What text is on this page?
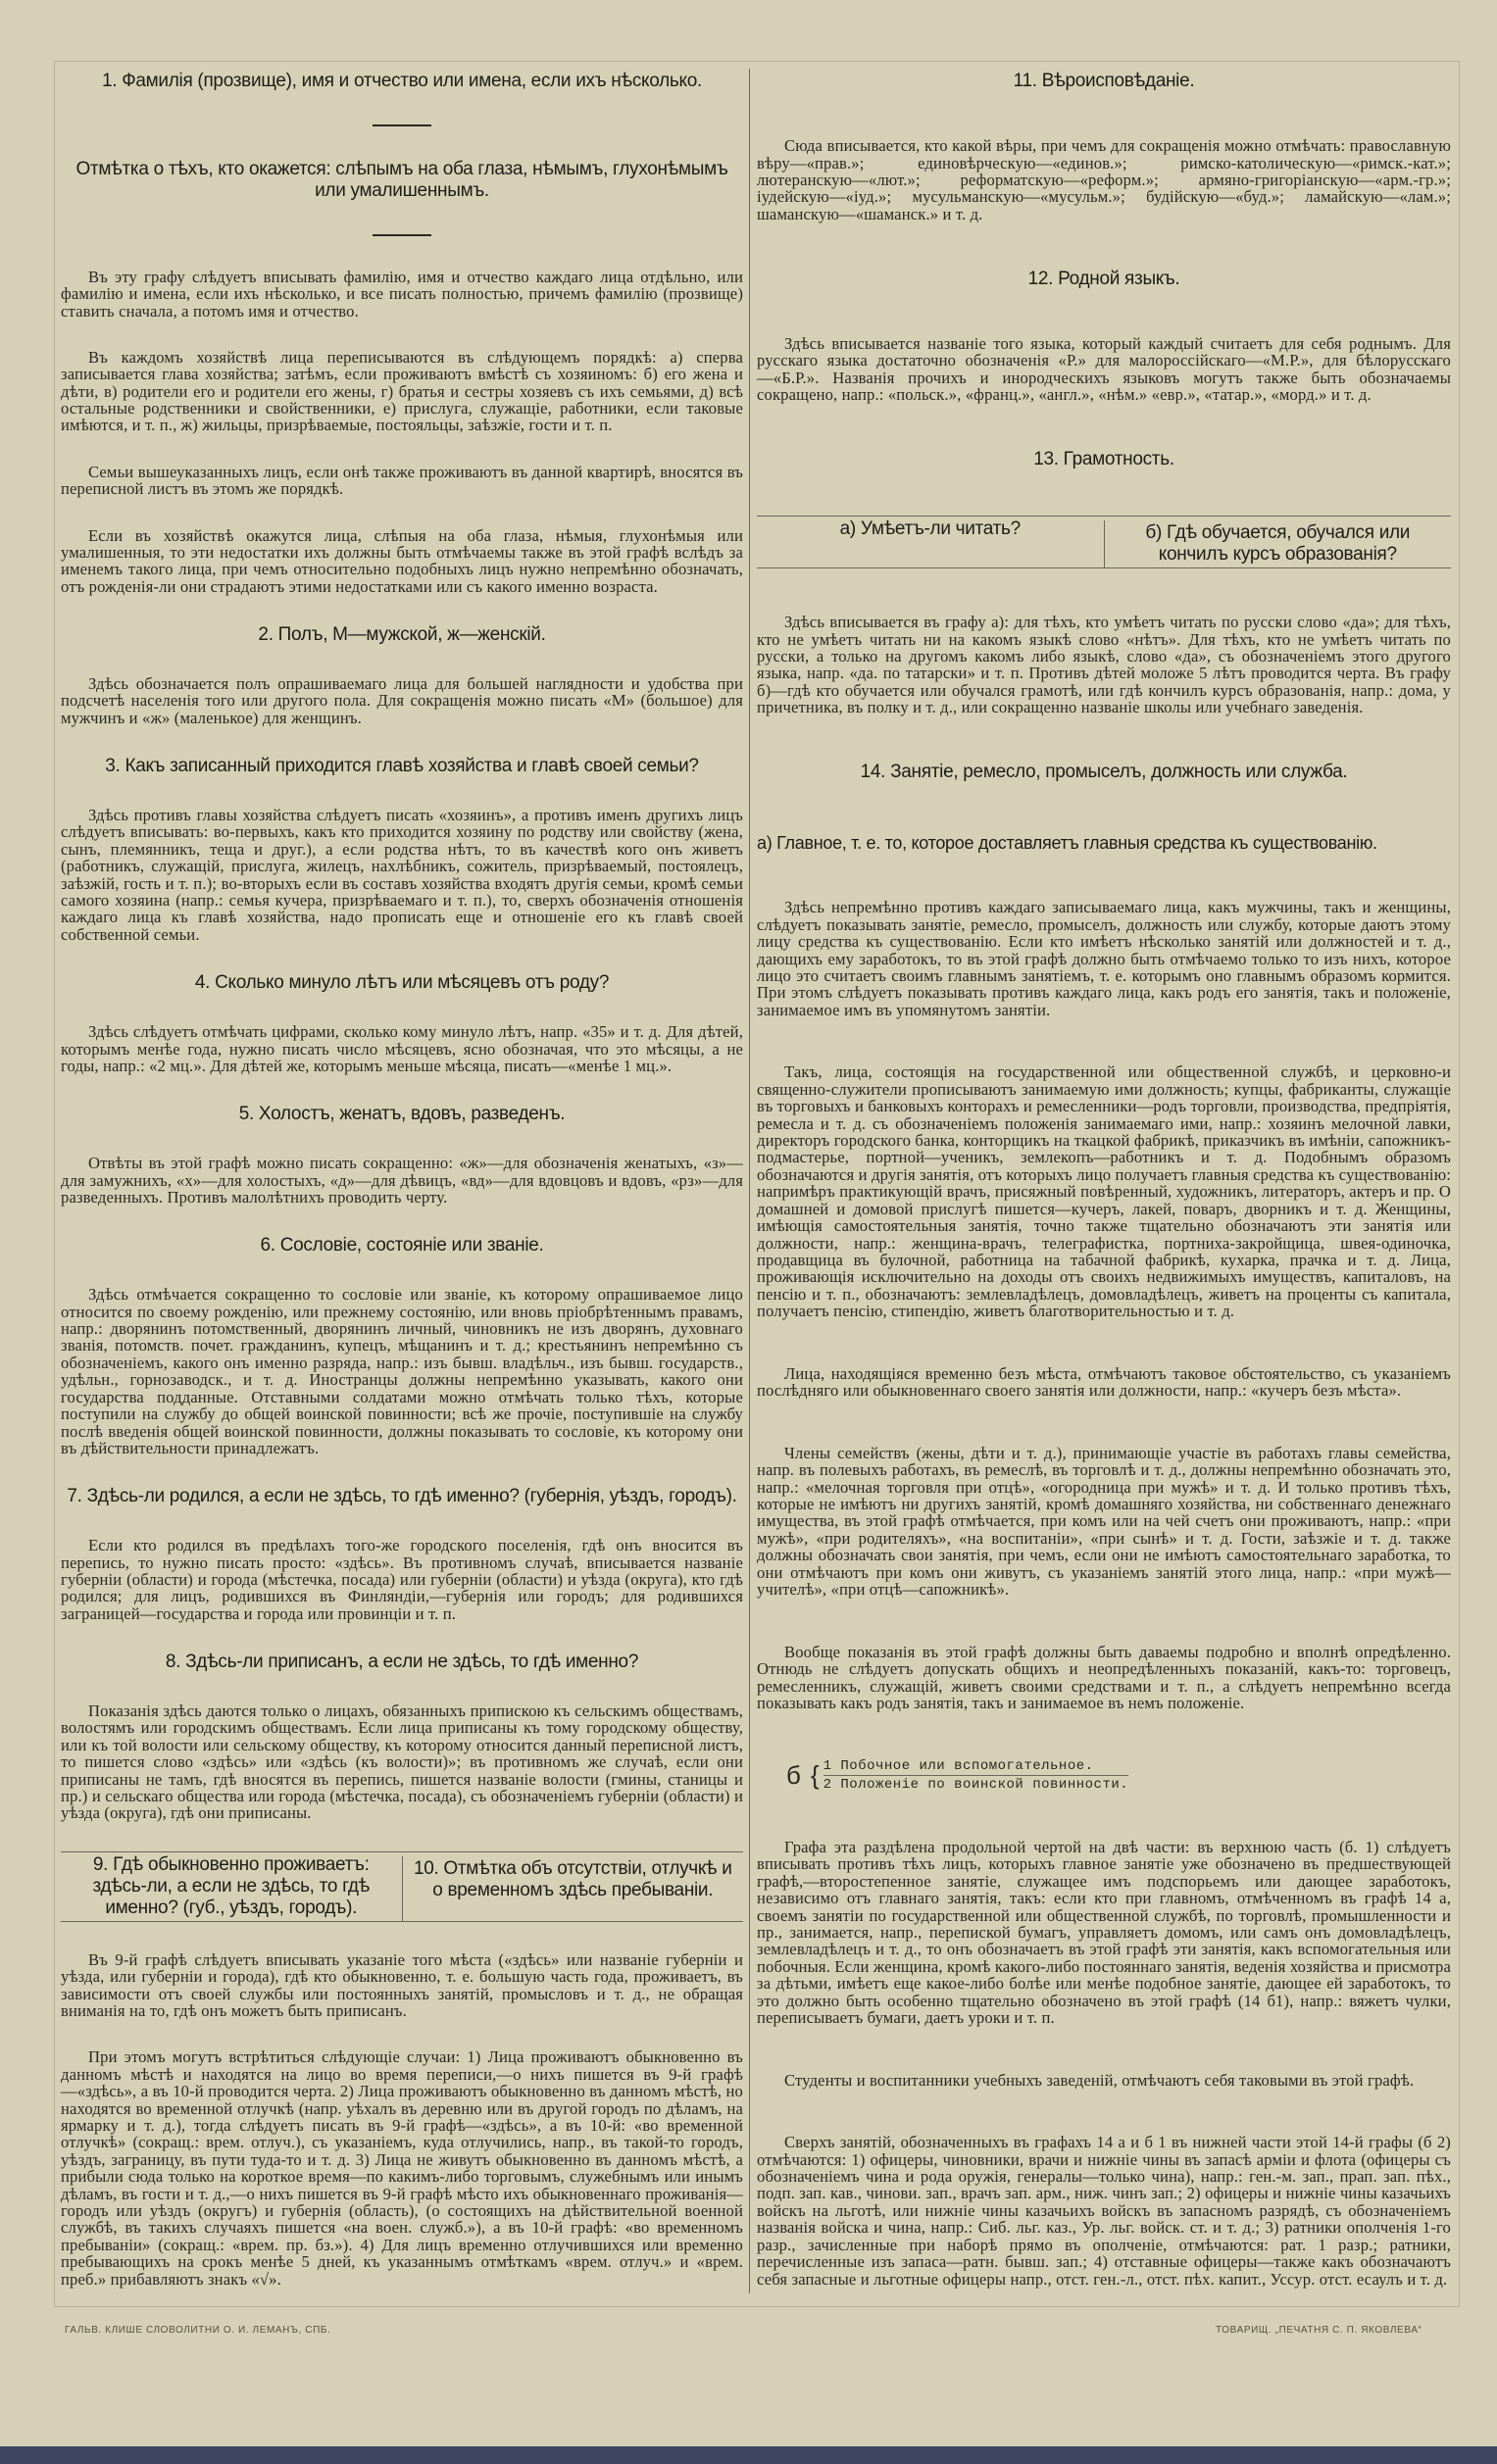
1. Фамилія (прозвище), имя и отчество или имена, если ихъ нѣсколько.
Отмѣтка о тѣхъ, кто окажется: слѣпымъ на оба глаза, нѣмымъ, глухонѣмымъ или умалишеннымъ.
Въ эту графу слѣдуетъ вписывать фамилію, имя и отчество каждаго лица отдѣльно, или фамилію и имена, если ихъ нѣсколько, и все писать полностью, причемъ фамилію (прозвище) ставить сначала, а потомъ имя и отчество.
Въ каждомъ хозяйствѣ лица переписываются въ слѣдующемъ порядкѣ: а) сперва записывается глава хозяйства; затѣмъ, если проживаютъ вмѣстѣ съ хозяиномъ: б) его жена и дѣти, в) родители его и родители его жены, г) братья и сестры хозяевъ съ ихъ семьями, д) всѣ остальные родственники и свойственники, е) прислуга, служащіе, работники, если таковые имѣются, и т. п., ж) жильцы, призрѣваемые, постояльцы, заѣзжіе, гости и т. п.
Семьи вышеуказанныхъ лицъ, если онѣ также проживаютъ въ данной квартирѣ, вносятся въ переписной листъ въ этомъ же порядкѣ.
Если въ хозяйствѣ окажутся лица, слѣпыя на оба глаза, нѣмыя, глухонѣмыя или умалишенныя, то эти недостатки ихъ должны быть отмѣчаемы также въ этой графѣ вслѣдъ за именемъ такого лица, при чемъ относительно подобныхъ лицъ нужно непремѣнно обозначать, отъ рожденія-ли они страдаютъ этими недостатками или съ какого именно возраста.
2. Полъ, М—мужской, ж—женскій.
Здѣсь обозначается полъ опрашиваемаго лица для большей наглядности и удобства при подсчетѣ населенія того или другого пола. Для сокращенія можно писать «М» (большое) для мужчинъ и «ж» (маленькое) для женщинъ.
3. Какъ записанный приходится главѣ хозяйства и главѣ своей семьи?
Здѣсь противъ главы хозяйства слѣдуетъ писать «хозяинъ», а противъ именъ другихъ лицъ слѣдуетъ вписывать: во-первыхъ, какъ кто приходится хозяину по родству или свойству (жена, сынъ, племянникъ, теща и друг.), а если родства нѣтъ, то въ качествѣ кого онъ живетъ (работникъ, служащій, прислуга, жилецъ, нахлѣбникъ, сожитель, призрѣваемый, постоялецъ, заѣзжій, гость и т. п.); во-вторыхъ если въ составъ хозяйства входятъ другія семьи, кромѣ семьи самого хозяина (напр.: семья кучера, призрѣваемаго и т. п.), то, сверхъ обозначенія отношенія каждаго лица къ главѣ хозяйства, надо прописать еще и отношеніе его къ главѣ своей собственной семьи.
4. Сколько минуло лѣтъ или мѣсяцевъ отъ роду?
Здѣсь слѣдуетъ отмѣчать цифрами, сколько кому минуло лѣтъ, напр. «35» и т. д. Для дѣтей, которымъ менѣе года, нужно писать число мѣсяцевъ, ясно обозначая, что это мѣсяцы, а не годы, напр.: «2 мц.». Для дѣтей же, которымъ меньше мѣсяца, писать—«менѣе 1 мц.».
5. Холостъ, женатъ, вдовъ, разведенъ.
Отвѣты въ этой графѣ можно писать сокращенно: «ж»—для обозначенія женатыхъ, «з»—для замужнихъ, «х»—для холостыхъ, «д»—для дѣвицъ, «вд»—для вдовцовъ и вдовъ, «рз»—для разведенныхъ. Противъ малолѣтнихъ проводить черту.
6. Сословіе, состояніе или званіе.
Здѣсь отмѣчается сокращенно то сословіе или званіе, къ которому опрашиваемое лицо относится по своему рожденію, или прежнему состоянію, или вновь пріобрѣтеннымъ правамъ, напр.: дворянинъ потомственный, дворянинъ личный, чиновникъ не изъ дворянъ, духовнаго званія, потомств. почет. гражданинъ, купецъ, мѣщанинъ и т. д.; крестьянинъ непремѣнно съ обозначеніемъ, какого онъ именно разряда, напр.: изъ бывш. владѣльч., изъ бывш. государств., удѣльн., горнозаводск., и т. д. Иностранцы должны непремѣнно указывать, какого они государства подданные. Отставными солдатами можно отмѣчать только тѣхъ, которые поступили на службу до общей воинской повинности; всѣ же прочіе, поступившіе на службу послѣ введенія общей воинской повинности, должны показывать то сословіе, къ которому они въ дѣйствительности принадлежатъ.
7. Здѣсь-ли родился, а если не здѣсь, то гдѣ именно? (губернія, уѣздъ, городъ).
Если кто родился въ предѣлахъ того-же городского поселенія, гдѣ онъ вносится въ перепись, то нужно писать просто: «здѣсь». Въ противномъ случаѣ, вписывается названіе губерніи (области) и города (мѣстечка, посада) или губерніи (области) и уѣзда (округа), кто гдѣ родился; для лицъ, родившихся въ Финляндіи,—губернія или городъ; для родившихся заграницей—государства и города или провинціи и т. п.
8. Здѣсь-ли приписанъ, а если не здѣсь, то гдѣ именно?
Показанія здѣсь даются только о лицахъ, обязанныхъ припискою къ сельскимъ обществамъ, волостямъ или городскимъ обществамъ. Если лица приписаны къ тому городскому обществу, или къ той волости или сельскому обществу, къ которому относится данный переписной листъ, то пишется слово «здѣсь» или «здѣсь (къ волости)»; въ противномъ же случаѣ, если они приписаны не тамъ, гдѣ вносятся въ перепись, пишется названіе волости (гмины, станицы и пр.) и сельскаго общества или города (мѣстечка, посада), съ обозначеніемъ губерніи (области) и уѣзда (округа), гдѣ они приписаны.
9. Гдѣ обыкновенно проживаетъ: здѣсь-ли, а если не здѣсь, то гдѣ именно? (губ., уѣздъ, городъ).
10. Отмѣтка объ отсутствіи, отлучкѣ и о временномъ здѣсь пребываніи.
Въ 9-й графѣ слѣдуетъ вписывать указаніе того мѣста («здѣсь» или названіе губерніи и уѣзда, или губерніи и города), гдѣ кто обыкновенно, т. е. большую часть года, проживаетъ, въ зависимости отъ своей службы или постоянныхъ занятій, промысловъ и т. д., не обращая вниманія на то, гдѣ онъ можетъ быть приписанъ.
При этомъ могутъ встрѣтиться слѣдующіе случаи: 1) Лица проживаютъ обыкновенно въ данномъ мѣстѣ и находятся на лицо во время переписи,—о нихъ пишется въ 9-й графѣ—«здѣсь», а въ 10-й проводится черта. 2) Лица проживаютъ обыкновенно въ данномъ мѣстѣ, но находятся во временной отлучкѣ (напр. уѣхалъ въ деревню или въ другой городъ по дѣламъ, на ярмарку и т. д.), тогда слѣдуетъ писать въ 9-й графѣ—«здѣсь», а въ 10-й: «во временной отлучкѣ» (сокращ.: врем. отлуч.), съ указаніемъ, куда отлучились, напр., въ такой-то городъ, уѣздъ, заграницу, въ пути туда-то и т. д. 3) Лица не живутъ обыкновенно въ данномъ мѣстѣ, а прибыли сюда только на короткое время—по какимъ-либо торговымъ, служебнымъ или инымъ дѣламъ, въ гости и т. д.,—о нихъ пишется въ 9-й графѣ мѣсто ихъ обыкновеннаго проживанія—городъ или уѣздъ (округъ) и губернія (область), (о состоящихъ на дѣйствительной военной службѣ, въ такихъ случаяхъ пишется «на воен. служб.»), а въ 10-й графѣ: «во временномъ пребываніи» (сокращ.: «врем. пр. бз.»). 4) Для лицъ временно отлучившихся или временно пребывающихъ на срокъ менѣе 5 дней, къ указаннымъ отмѣткамъ «врем. отлуч.» и «врем. преб.» прибавляютъ знакъ «√».
11. Вѣроисповѣданіе.
Сюда вписывается, кто какой вѣры, при чемъ для сокращенія можно отмѣчать: православную вѣру—«прав.»; единовѣрческую—«единов.»; римско-католическую—«римск.-кат.»; лютеранскую—«лют.»; реформатскую—«реформ.»; армяно-григоріанскую—«арм.-гр.»; іудейскую—«іуд.»; мусульманскую—«мусульм.»; будійскую—«буд.»; ламайскую—«лам.»; шаманскую—«шаманск.» и т. д.
12. Родной языкъ.
Здѣсь вписывается названіе того языка, который каждый считаетъ для себя роднымъ. Для русскаго языка достаточно обозначенія «Р.» для малороссійскаго—«М.Р.», для бѣлорусскаго—«Б.Р.». Названія прочихъ и инородческихъ языковъ могутъ также быть обозначаемы сокращено, напр.: «польск.», «франц.», «англ.», «нѣм.» «евр.», «татар.», «морд.» и т. д.
13. Грамотность.
а) Умѣетъ-ли читать?	б) Гдѣ обучается, обучался или кончилъ курсъ образованія?
Здѣсь вписывается въ графу а): для тѣхъ, кто умѣетъ читать по русски слово «да»; для тѣхъ, кто не умѣетъ читать ни на какомъ языкѣ слово «нѣтъ». Для тѣхъ, кто не умѣетъ читать по русски, а только на другомъ какомъ либо языкѣ, слово «да», съ обозначеніемъ этого другого языка, напр. «да. по татарски» и т. п. Противъ дѣтей моложе 5 лѣтъ проводится черта. Въ графу б)—гдѣ кто обучается или обучался грамотѣ, или гдѣ кончилъ курсъ образованія, напр.: дома, у причетника, въ полку и т. д., или сокращенно названіе школы или учебнаго заведенія.
14. Занятіе, ремесло, промыселъ, должность или служба.
а) Главное, т. е. то, которое доставляетъ главныя средства къ существованію.
Здѣсь непремѣнно противъ каждаго записываемаго лица, какъ мужчины, такъ и женщины, слѣдуетъ показывать занятіе, ремесло, промыселъ, должность или службу, которые даютъ этому лицу средства къ существованію. Если кто имѣетъ нѣсколько занятій или должностей и т. д., дающихъ ему заработокъ, то въ этой графѣ должно быть отмѣчаемо только то изъ нихъ, которое лицо это считаетъ своимъ главнымъ занятіемъ, т. е. которымъ оно главнымъ образомъ кормится. При этомъ слѣдуетъ показывать противъ каждаго лица, какъ родъ его занятія, такъ и положеніе, занимаемое имъ въ упомянутомъ занятіи.
Такъ, лица, состоящія на государственной или общественной службѣ, и церковно-и священно-служители прописываютъ занимаемую ими должность; купцы, фабриканты, служащіе въ торговыхъ и банковыхъ конторахъ и ремесленники—родъ торговли, производства, предпріятія, ремесла и т. д. съ обозначеніемъ положенія занимаемаго ими, напр.: хозяинъ мелочной лавки, директоръ городского банка, конторщикъ на ткацкой фабрикѣ, приказчикъ въ имѣніи, сапожникъ-подмастерье, портной—ученикъ, землекопъ—работникъ и т. д. Подобнымъ образомъ обозначаются и другія занятія, отъ которыхъ лицо получаетъ главныя средства къ существованію: напримѣръ практикующій врачъ, присяжный повѣренный, художникъ, литераторъ, актеръ и пр. О домашней и домовой прислугѣ пишется—кучеръ, лакей, поваръ, дворникъ и т. д. Женщины, имѣющія самостоятельныя занятія, точно также тщательно обозначаютъ эти занятія или должности, напр.: женщина-врачъ, телеграфистка, портниха-закройщица, швея-одиночка, продавщица въ булочной, работница на табачной фабрикѣ, кухарка, прачка и т. д. Лица, проживающія исключительно на доходы отъ своихъ недвижимыхъ имуществъ, капиталовъ, на пенсію и т. п., обозначаютъ: землевладѣлецъ, домовладѣлецъ, живетъ на проценты съ капитала, получаетъ пенсію, стипендію, живетъ благотворительностью и т. д.
Лица, находящіяся временно безъ мѣста, отмѣчаютъ таковое обстоятельство, съ указаніемъ послѣдняго или обыкновеннаго своего занятія или должности, напр.: «кучеръ безъ мѣста».
Члены семействъ (жены, дѣти и т. д.), принимающіе участіе въ работахъ главы семейства, напр. въ полевыхъ работахъ, въ ремеслѣ, въ торговлѣ и т. д., должны непремѣнно обозначать это, напр.: «мелочная торговля при отцѣ», «огородница при мужѣ» и т. д. И только противъ тѣхъ, которые не имѣютъ ни другихъ занятій, кромѣ домашняго хозяйства, ни собственнаго денежнаго имущества, въ этой графѣ отмѣчается, при комъ или на чей счетъ они проживаютъ, напр.: «при мужѣ», «при родителяхъ», «на воспитаніи», «при сынѣ» и т. д. Гости, заѣзжіе и т. д. также должны обозначать свои занятія, при чемъ, если они не имѣютъ самостоятельнаго заработка, то они отмѣчаютъ при комъ они живутъ, съ указаніемъ занятій этого лица, напр.: «при мужѣ—учителѣ», «при отцѣ—сапожникѣ».
Вообще показанія въ этой графѣ должны быть даваемы подробно и вполнѣ опредѣленно. Отнюдь не слѣдуетъ допускать общихъ и неопредѣленныхъ показаній, какъ-то: торговецъ, ремесленникъ, служащій, живетъ своими средствами и т. п., а слѣдуетъ непремѣнно всегда показывать какъ родъ занятія, такъ и занимаемое въ немъ положеніе.
б { 1 Побочное или вспомогательное.
2 Положеніе по воинской повинности.
Графа эта раздѣлена продольной чертой на двѣ части: въ верхнюю часть (б. 1) слѣдуетъ вписывать противъ тѣхъ лицъ, которыхъ главное занятіе уже обозначено въ предшествующей графѣ,—второстепенное занятіе, служащее имъ подспорьемъ или дающее заработокъ, независимо отъ главнаго занятія, такъ: если кто при главномъ, отмѣченномъ въ графѣ 14 а, своемъ занятіи по государственной или общественной службѣ, по торговлѣ, промышленности и пр., занимается, напр., перепиской бумагъ, управляетъ домомъ, или самъ онъ домовладѣлецъ, землевладѣлецъ и т. д., то онъ обозначаетъ въ этой графѣ эти занятія, какъ вспомогательныя или побочныя. Если женщина, кромѣ какого-либо постояннаго занятія, веденія хозяйства и присмотра за дѣтьми, имѣетъ еще какое-либо болѣе или менѣе подобное занятіе, дающее ей заработокъ, то это должно быть особенно тщательно обозначено въ этой графѣ (14 б1), напр.: вяжетъ чулки, переписываетъ бумаги, даетъ уроки и т. п.
Студенты и воспитанники учебныхъ заведеній, отмѣчаютъ себя таковыми въ этой графѣ.
Сверхъ занятій, обозначенныхъ въ графахъ 14 а и б 1 въ нижней части этой 14-й графы (б 2) отмѣчаются: 1) офицеры, чиновники, врачи и нижніе чины въ запасѣ арміи и флота (офицеры съ обозначеніемъ чина и рода оружія, генералы—только чина), напр.: ген.-м. зап., прап. зап. пѣх., подп. зап. кав., чинови. зап., врачъ зап. арм., ниж. чинъ зап.; 2) офицеры и нижніе чины казачьихъ войскъ на льготѣ, или нижніе чины казачьихъ войскъ въ запасномъ разрядѣ, съ обозначеніемъ названія войска и чина, напр.: Сиб. льг. каз., Ур. льг. войск. ст. и т. д.; 3) ратники ополченія 1-го разр., зачисленные при наборѣ прямо въ ополченіе, отмѣчаются: рат. 1 разр.; ратники, перечисленные изъ запаса—ратн. бывш. зап.; 4) отставные офицеры—также какъ обозначаютъ себя запасные и льготные офицеры напр., отст. ген.-л., отст. пѣх. капит., Уссур. отст. есаулъ и т. д.
ГАЛЬВ. КЛИШЕ СЛОВОЛИТНИ О. И. ЛЕМАНЪ, СПБ.	ТОВАРИЩ. „ПЕЧАТНЯ С. П. ЯКОВЛЕВА“
